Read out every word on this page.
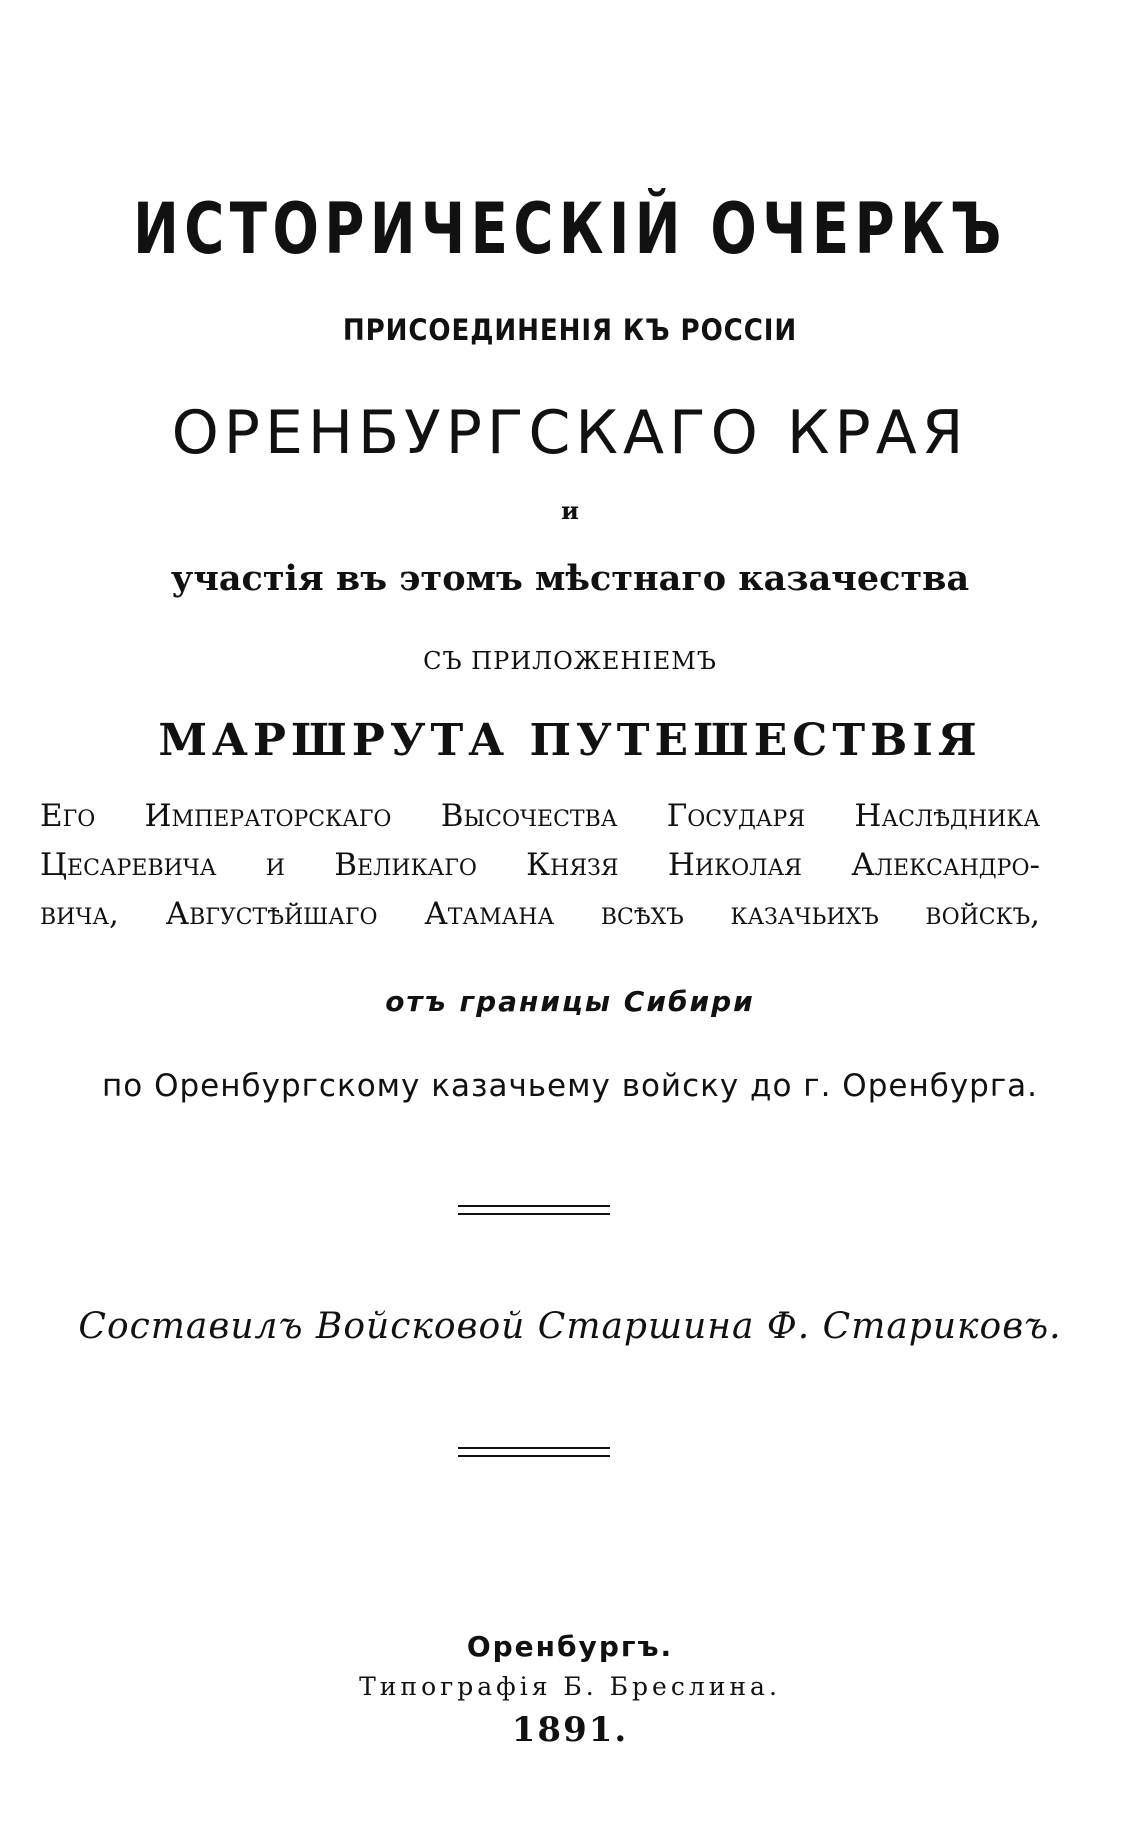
ИСТОРИЧЕСКІЙ ОЧЕРКЪ
ПРИСОЕДИНЕНІЯ КЪ РОССІИ
ОРЕНБУРГСКАГО КРАЯ
и
участія въ этомъ мѣстнаго казачества
СЪ ПРИЛОЖЕНІЕМЪ
МАРШРУТА ПУТЕШЕСТВІЯ

Его Императорскаго Высочества Государя Наслѣдника

Цесаревича и Великаго Князя Николая Александро-

вича, Августѣйшаго Атамана всѣхъ казачьихъ войскъ,

отъ границы Сибири
по Оренбургскому казачьему войску до г. Оренбурга.
Составилъ Войсковой Старшина Ф. Стариковъ.
Оренбургъ.
Типографія Б. Бреслина.
1891.
